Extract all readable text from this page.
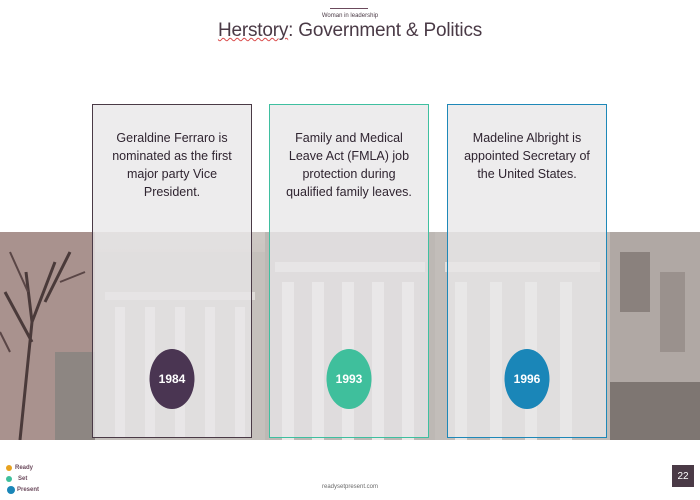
Woman in leadership
Herstory: Government & Politics
Geraldine Ferraro is nominated as the first major party Vice President.
1984
Family and Medical Leave Act (FMLA) job protection during qualified family leaves.
1993
Madeline Albright is appointed Secretary of the United States.
1996
Ready
Set
Present	readysetpresent.com
22
